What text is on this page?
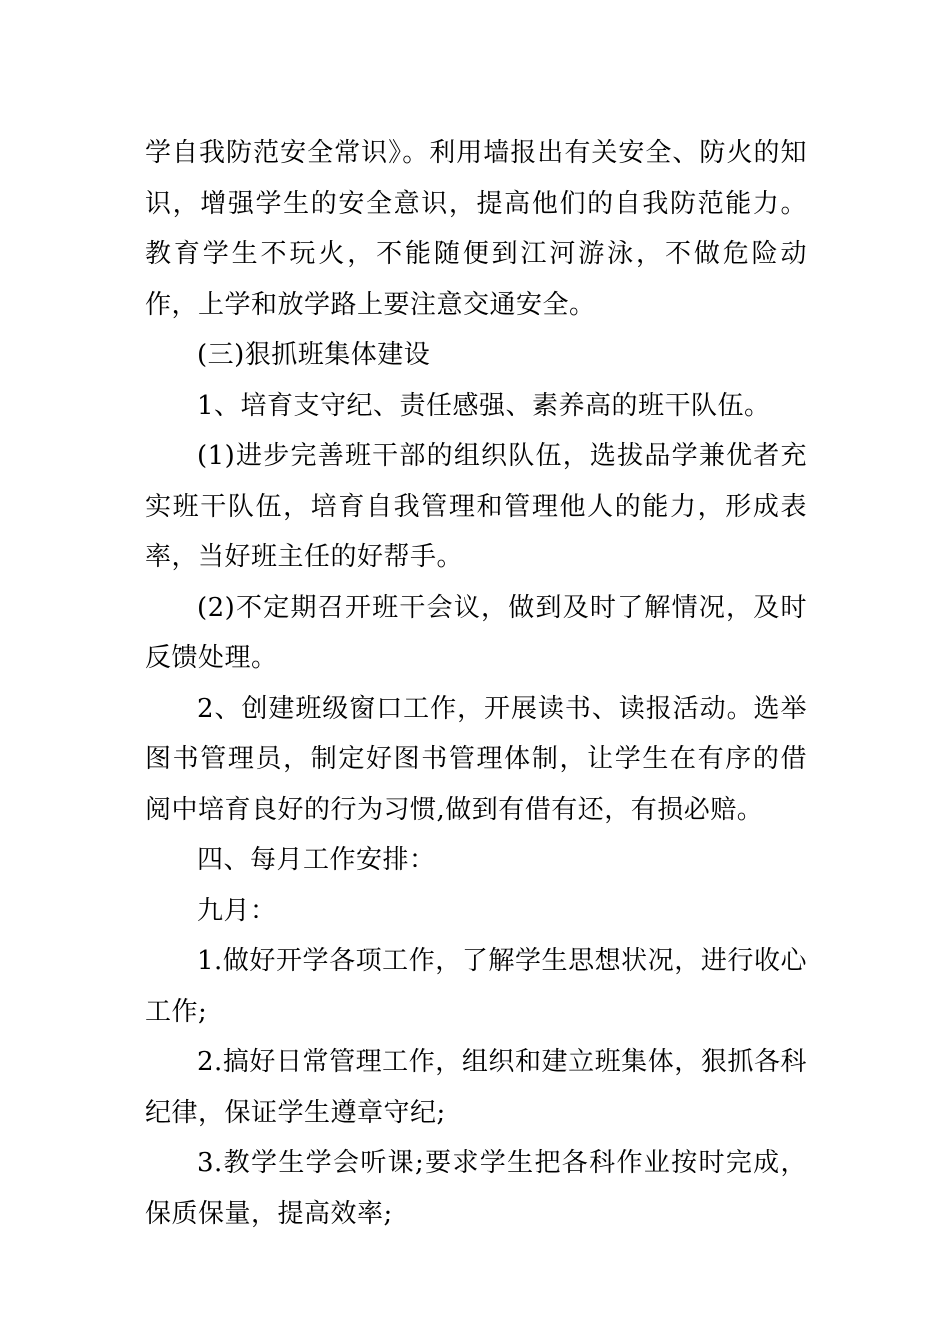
学自我防范安全常识》。利用墙报出有关安全、防火的知识，增强学生的安全意识，提高他们的自我防范能力。教育学生不玩火，不能随便到江河游泳，不做危险动作，上学和放学路上要注意交通安全。

(三)狠抓班集体建设

1、培育支守纪、责任感强、素养高的班干队伍。

(1)进步完善班干部的组织队伍，选拔品学兼优者充实班干队伍，培育自我管理和管理他人的能力，形成表率，当好班主任的好帮手。

(2)不定期召开班干会议，做到及时了解情况，及时反馈处理。

2、创建班级窗口工作，开展读书、读报活动。选举图书管理员，制定好图书管理体制，让学生在有序的借阅中培育良好的行为习惯,做到有借有还，有损必赔。

四、每月工作安排：

九月：

1.做好开学各项工作，了解学生思想状况，进行收心工作;

2.搞好日常管理工作，组织和建立班集体，狠抓各科纪律，保证学生遵章守纪;

3.教学生学会听课;要求学生把各科作业按时完成，保质保量，提高效率;
